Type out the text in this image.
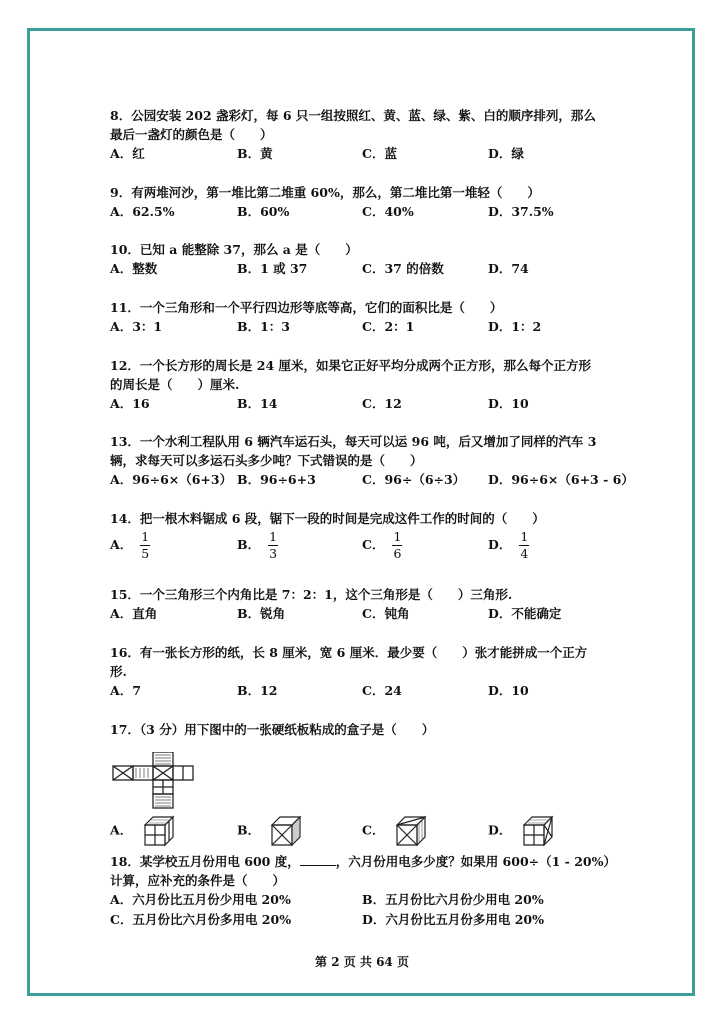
8．公园安装 202 盏彩灯，每 6 只一组按照红、黄、蓝、绿、紫、白的顺序排列，那么
最后一盏灯的颜色是（　　）
A．红	B．黄	C．蓝	D．绿
9．有两堆河沙，第一堆比第二堆重 60%，那么，第二堆比第一堆轻（　　）
A．62.5%	B．60%	C．40%	D．37.5%
10．已知 a 能整除 37，那么 a 是（　　）
A．整数	B．1 或 37	C．37 的倍数	D．74
11．一个三角形和一个平行四边形等底等高，它们的面积比是（　　）
A．3：1	B．1：3	C．2：1	D．1：2
12．一个长方形的周长是 24 厘米，如果它正好平均分成两个正方形，那么每个正方形
的周长是（　　）厘米.
A．16	B．14	C．12	D．10
13．一个水利工程队用 6 辆汽车运石头，每天可以运 96 吨，后又增加了同样的汽车 3
辆，求每天可以多运石头多少吨？下式错误的是（　　）
A．96÷6×（6+3） B．96÷6+3	C．96÷（6÷3） D．96÷6×（6+3 - 6）
14．把一根木料锯成 6 段，锯下一段的时间是完成这件工作的时间的（　　）
A． $\frac{1}{5}$	B． $\frac{1}{3}$	C． $\frac{1}{6}$	D． $\frac{1}{4}$
15．一个三角形三个内角比是 7：2：1，这个三角形是（　　）三角形.
A．直角	B．锐角	C．钝角	D．不能确定
16．有一张长方形的纸，长 8 厘米，宽 6 厘米．最少要（　　）张才能拼成一个正方
形.
A．7	B．12	C．24	D．10
17．（3 分）用下图中的一张硬纸板粘成的盒子是（　　）
A．	B．	C．	D．
18．某学校五月份用电 600 度，	，六月份用电多少度？如果用 600÷（1 - 20%）
计算，应补充的条件是（　　）
A．六月份比五月份少用电 20%	B．五月份比六月份少用电 20%
C．五月份比六月份多用电 20%	D．六月份比五月份多用电 20%
第 2 页 共 64 页
